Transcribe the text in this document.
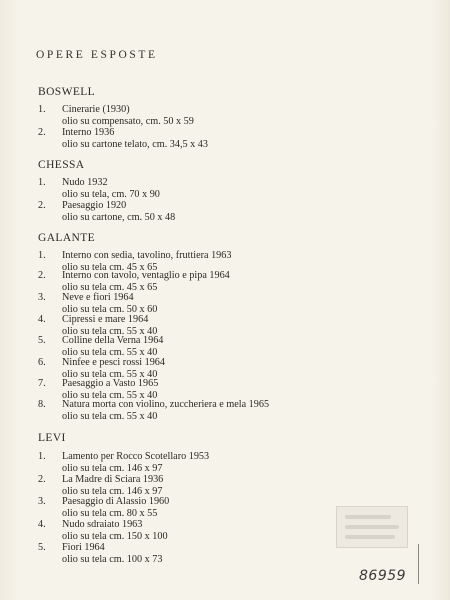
OPERE ESPOSTE
BOSWELL
1.	Cinerarie (1930)
olio su compensato, cm. 50 x 59
2.	Interno 1936
olio su cartone telato, cm. 34,5 x 43
CHESSA
1.	Nudo 1932
olio su tela, cm. 70 x 90
2.	Paesaggio 1920
olio su cartone, cm. 50 x 48
GALANTE
1.	Interno con sedia, tavolino, fruttiera 1963
olio su tela cm. 45 x 65
2.	Interno con tavolo, ventaglio e pipa 1964
olio su tela cm. 45 x 65
3.	Neve e fiori 1964
olio su tela cm. 50 x 60
4.	Cipressi e mare 1964
olio su tela cm. 55 x 40
5.	Colline della Verna 1964
olio su tela cm. 55 x 40
6.	Ninfee e pesci rossi 1964
olio su tela cm. 55 x 40
7.	Paesaggio a Vasto 1965
olio su tela cm. 55 x 40
8.	Natura morta con violino, zuccheriera e mela 1965
olio su tela cm. 55 x 40
LEVI
1.	Lamento per Rocco Scotellaro 1953
olio su tela cm. 146 x 97
2.	La Madre di Sciara 1936
olio su tela cm. 146 x 97
3.	Paesaggio di Alassio 1960
olio su tela cm. 80 x 55
4.	Nudo sdraiato 1963
olio su tela cm. 150 x 100
5.	Fiori 1964
olio su tela cm. 100 x 73
86959
